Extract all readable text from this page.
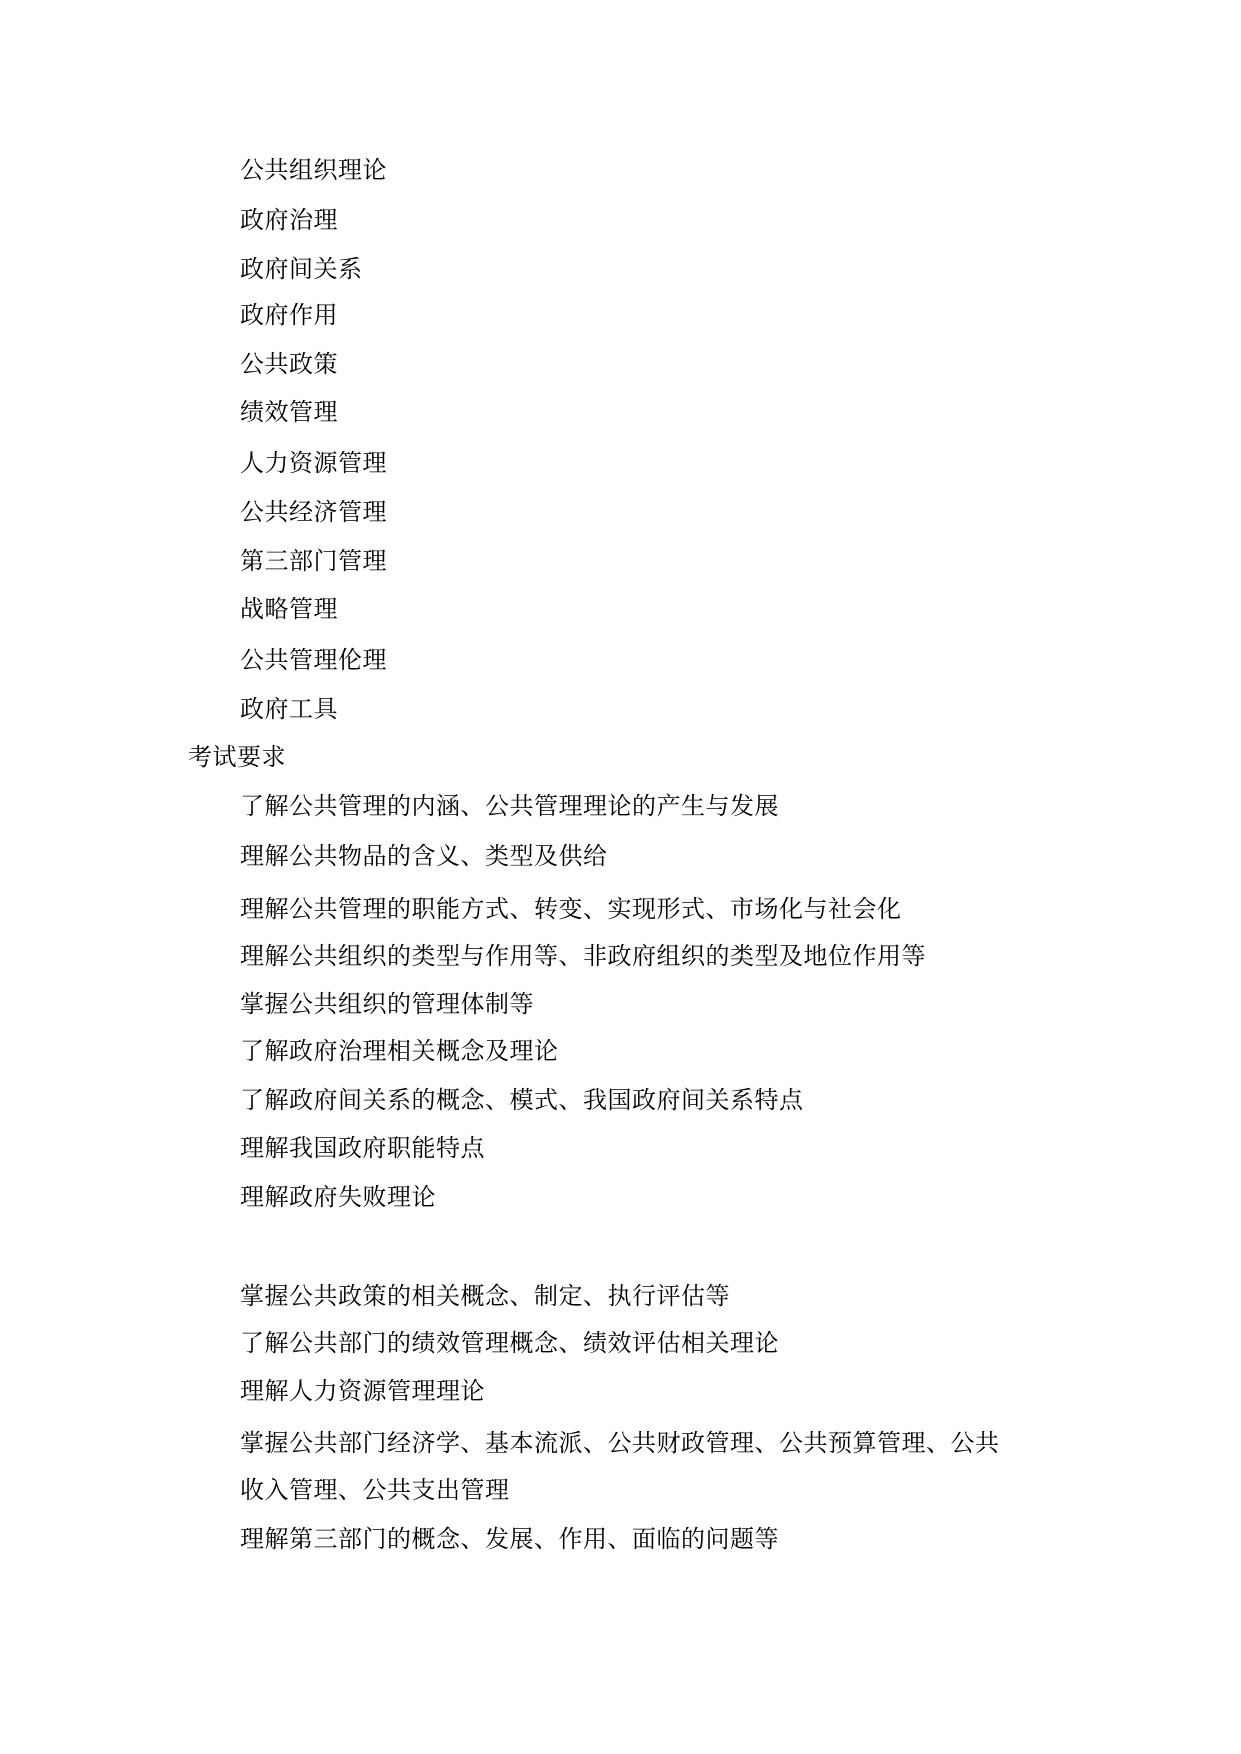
公共组织理论
政府治理
政府间关系
政府作用
公共政策
绩效管理
人力资源管理
公共经济管理
第三部门管理
战略管理
公共管理伦理
政府工具
考试要求
了解公共管理的内涵、公共管理理论的产生与发展
理解公共物品的含义、类型及供给
理解公共管理的职能方式、转变、实现形式、市场化与社会化
理解公共组织的类型与作用等、非政府组织的类型及地位作用等
掌握公共组织的管理体制等
了解政府治理相关概念及理论
了解政府间关系的概念、模式、我国政府间关系特点
理解我国政府职能特点
理解政府失败理论
掌握公共政策的相关概念、制定、执行评估等
了解公共部门的绩效管理概念、绩效评估相关理论
理解人力资源管理理论
掌握公共部门经济学、基本流派、公共财政管理、公共预算管理、公共
收入管理、公共支出管理
理解第三部门的概念、发展、作用、面临的问题等
